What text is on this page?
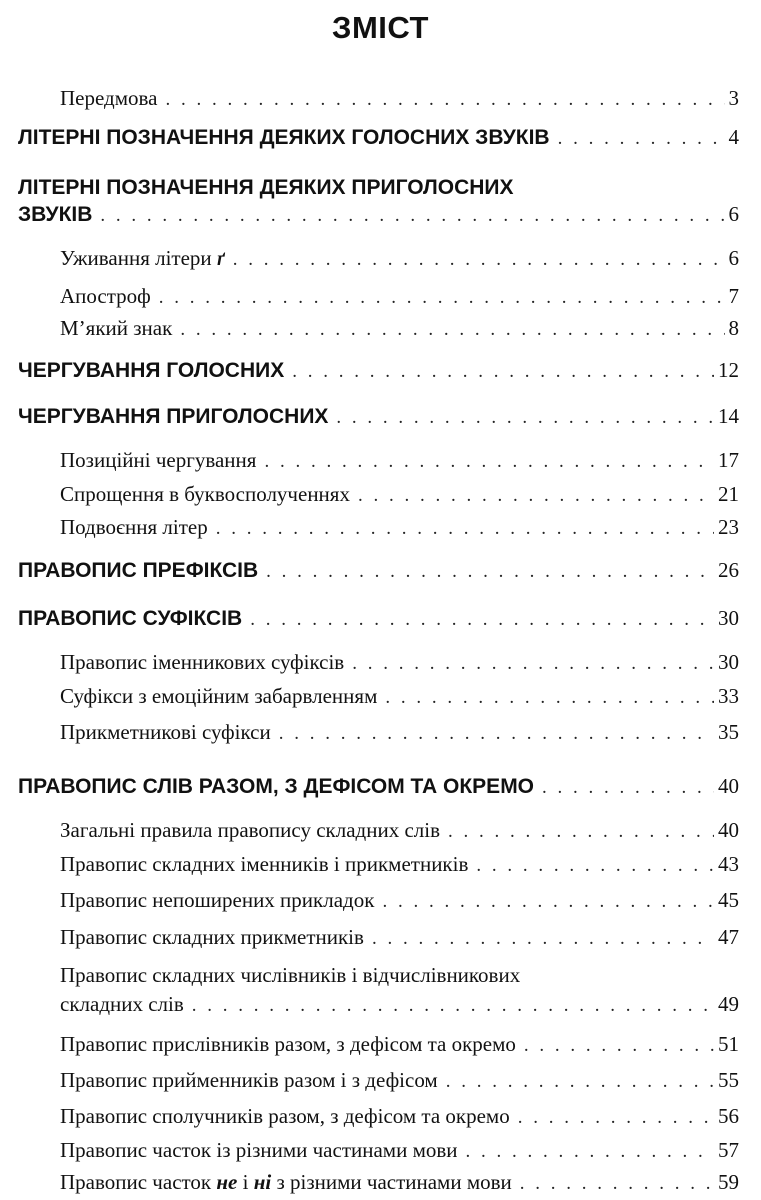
ЗМІСТ
Передмова . . .	3
ЛІТЕРНІ ПОЗНАЧЕННЯ ДЕЯКИХ ГОЛОСНИХ ЗВУКІВ . . .	4
ЛІТЕРНІ ПОЗНАЧЕННЯ ДЕЯКИХ ПРИГОЛОСНИХ
ЗВУКІВ . . .	6
Уживання літери ґ . . .	6
Апостроф . . .	7
М’який знак . . .	8
ЧЕРГУВАННЯ ГОЛОСНИХ . . .	12
ЧЕРГУВАННЯ ПРИГОЛОСНИХ . . .	14
Позиційні чергування . . .	17
Спрощення в буквосполученнях . . .	21
Подвоєння літер . . .	23
ПРАВОПИС ПРЕФІКСІВ . . .	26
ПРАВОПИС СУФІКСІВ . . .	30
Правопис іменникових суфіксів . . .	30
Суфікси з емоційним забарвленням . . .	33
Прикметникові суфікси . . .	35
ПРАВОПИС СЛІВ РАЗОМ, З ДЕФІСОМ ТА ОКРЕМО . . .	40
Загальні правила правопису складних слів . . .	40
Правопис складних іменників і прикметників . . .	43
Правопис непоширених прикладок . . .	45
Правопис складних прикметників . . .	47
Правопис складних числівників і відчислівникових
складних слів . . .	49
Правопис прислівників разом, з дефісом та окремо . . .	51
Правопис прийменників разом і з дефісом . . .	55
Правопис сполучників разом, з дефісом та окремо . . .	56
Правопис часток із різними частинами мови . . .	57
Правопис часток не і ні з різними частинами мови . . .	59
